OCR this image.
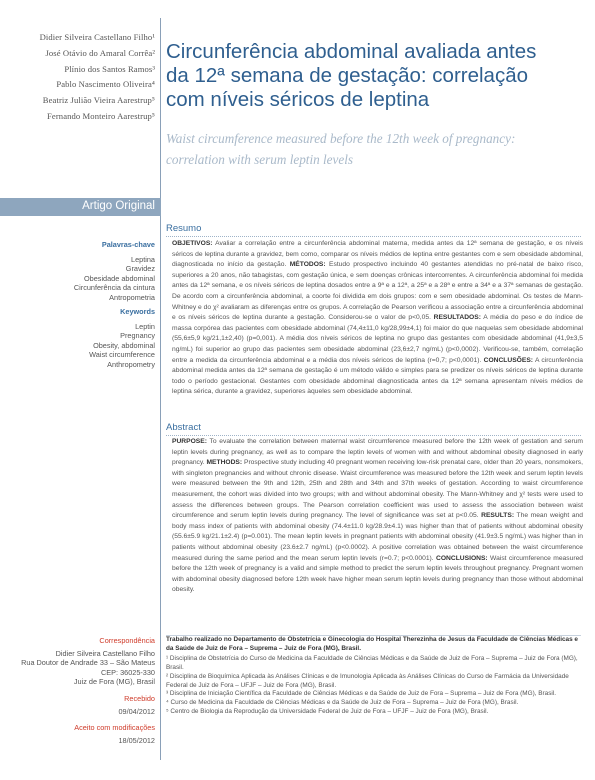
Didier Silveira Castellano Filho¹
José Otávio do Amaral Corrêa²
Plínio dos Santos Ramos³
Pablo Nascimento Oliveira⁴
Beatriz Julião Vieira Aarestrup⁵
Fernando Monteiro Aarestrup⁵
Circunferência abdominal avaliada antes da 12ª semana de gestação: correlação com níveis séricos de leptina
Waist circumference measured before the 12th week of pregnancy: correlation with serum leptin levels
Artigo Original
Palavras-chave
Leptina
Gravidez
Obesidade abdominal
Circunferência da cintura
Antropometria
Keywords
Leptin
Pregnancy
Obesity, abdominal
Waist circumference
Anthropometry
Resumo
OBJETIVOS: Avaliar a correlação entre a circunferência abdominal materna, medida antes da 12ª semana de gestação, e os níveis séricos de leptina durante a gravidez, bem como, comparar os níveis médios de leptina entre gestantes com e sem obesidade abdominal, diagnosticada no início da gestação. MÉTODOS: Estudo prospectivo incluindo 40 gestantes atendidas no pré-natal de baixo risco, superiores a 20 anos, não tabagistas, com gestação única, e sem doenças crônicas intercorrentes. A circunferência abdominal foi medida antes da 12ª semana, e os níveis séricos de leptina dosados entre a 9ª e a 12ª, a 25ª e a 28ª e entre a 34ª e a 37ª semanas de gestação. De acordo com a circunferência abdominal, a coorte foi dividida em dois grupos: com e sem obesidade abdominal. Os testes de Mann-Whitney e do χ² avaliaram as diferenças entre os grupos. A correlação de Pearson verificou a associação entre a circunferência abdominal e os níveis séricos de leptina durante a gestação. Considerou-se o valor de p<0,05. RESULTADOS: A média do peso e do índice de massa corpórea das pacientes com obesidade abdominal (74,4±11,0 kg/28,99±4,1) foi maior do que naquelas sem obesidade abdominal (55,6±5,9 kg/21,1±2,40) (p=0,001). A média dos níveis séricos de leptina no grupo das gestantes com obesidade abdominal (41,9±3,5 ng/mL) foi superior ao grupo das pacientes sem obesidade abdominal (23,6±2,7 ng/mL) (p<0,0002). Verificou-se, também, correlação entre a medida da circunferência abdominal e a média dos níveis séricos de leptina (r=0,7; p<0,0001). CONCLUSÕES: A circunferência abdominal medida antes da 12ª semana de gestação é um método válido e simples para se predizer os níveis séricos de leptina durante todo o período gestacional. Gestantes com obesidade abdominal diagnosticada antes da 12ª semana apresentam níveis médios de leptina sérica, durante a gravidez, superiores àqueles sem obesidade abdominal.
Abstract
PURPOSE: To evaluate the correlation between maternal waist circumference measured before the 12th week of gestation and serum leptin levels during pregnancy, as well as to compare the leptin levels of women with and without abdominal obesity diagnosed in early pregnancy. METHODS: Prospective study including 40 pregnant women receiving low-risk prenatal care, older than 20 years, nonsmokers, with singleton pregnancies and without chronic disease. Waist circumference was measured before the 12th week and serum leptin levels were measured between the 9th and 12th, 25th and 28th and 34th and 37th weeks of gestation. According to waist circumference measurement, the cohort was divided into two groups; with and without abdominal obesity. The Mann-Whitney and χ² tests were used to assess the differences between groups. The Pearson correlation coefficient was used to assess the association between waist circumference and serum leptin levels during pregnancy. The level of significance was set at p<0.05. RESULTS: The mean weight and body mass index of patients with abdominal obesity (74.4±11.0 kg/28.9±4.1) was higher than that of patients without abdominal obesity (55.6±5.9 kg/21.1±2.4) (p=0.001). The mean leptin levels in pregnant patients with abdominal obesity (41.9±3.5 ng/mL) was higher than in patients without abdominal obesity (23.6±2.7 ng/mL) (p<0.0002). A positive correlation was obtained between the waist circumference measured during the same period and the mean serum leptin levels (r=0.7; p<0.0001). CONCLUSIONS: Waist circumference measured before the 12th week of pregnancy is a valid and simple method to predict the serum leptin levels throughout pregnancy. Pregnant women with abdominal obesity diagnosed before 12th week have higher mean serum leptin levels during pregnancy than those without abdominal obesity.
Correspondência
Didier Silveira Castellano Filho
Rua Doutor de Andrade 33 – São Mateus
CEP: 36025-330
Juiz de Fora (MG), Brasil
Recebido
09/04/2012
Aceito com modificações
18/05/2012

Trabalho realizado no Departamento de Obstetrícia e Ginecologia do Hospital Therezinha de Jesus da Faculdade de Ciências Médicas e da Saúde de Juiz de Fora – Suprema – Juiz de Fora (MG), Brasil.

¹ Disciplina de Obstetrícia do Curso de Medicina da Faculdade de Ciências Médicas e da Saúde de Juiz de Fora – Suprema – Juiz de Fora (MG), Brasil.

² Disciplina de Bioquímica Aplicada às Análises Clínicas e de Imunologia Aplicada às Análises Clínicas do Curso de Farmácia da Universidade Federal de Juiz de Fora – UFJF – Juiz de Fora (MG), Brasil.

³ Disciplina de Iniciação Científica da Faculdade de Ciências Médicas e da Saúde de Juiz de Fora – Suprema – Juiz de Fora (MG), Brasil.

⁴ Curso de Medicina da Faculdade de Ciências Médicas e da Saúde de Juiz de Fora – Suprema – Juiz de Fora (MG), Brasil.

⁵ Centro de Biologia da Reprodução da Universidade Federal de Juiz de Fora – UFJF – Juiz de Fora (MG), Brasil.
